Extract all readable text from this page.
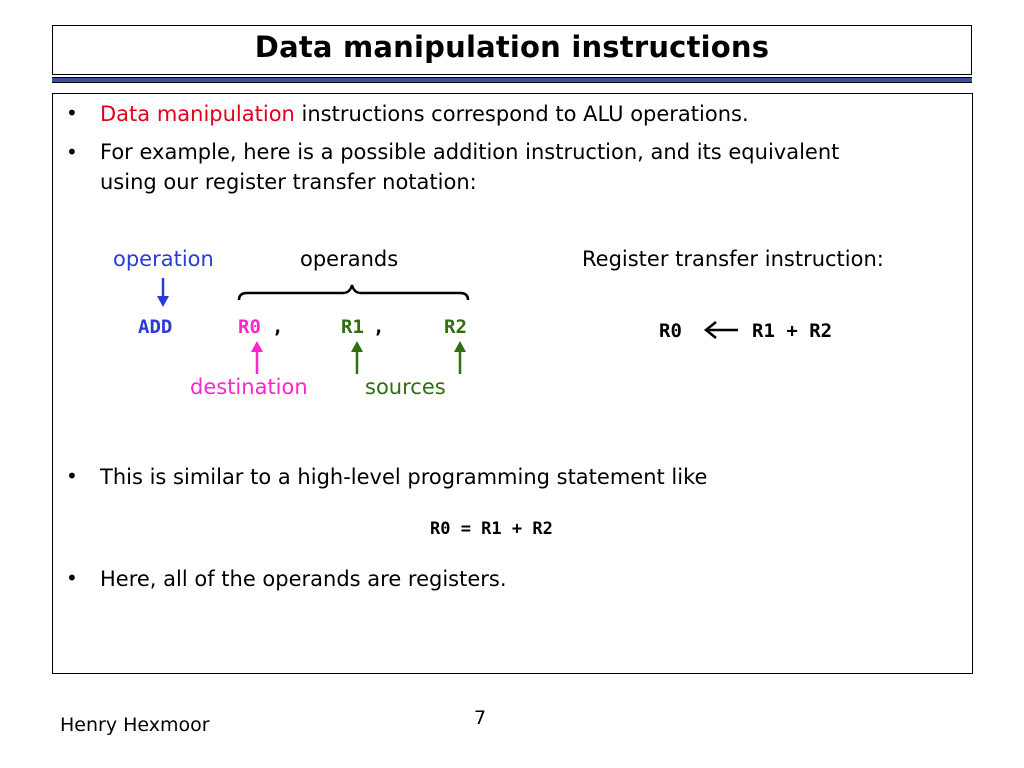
Data manipulation instructions
• Data manipulation instructions correspond to ALU operations.
• For example, here is a possible addition instruction, and its equivalent
using our register transfer notation:
operation	operands	Register transfer instruction:
ADD	R0 ,	R1 ,	R2	R0	R1 + R2
destination	sources
• This is similar to a high-level programming statement like
R0 = R1 + R2
• Here, all of the operands are registers.
Henry Hexmoor	7
